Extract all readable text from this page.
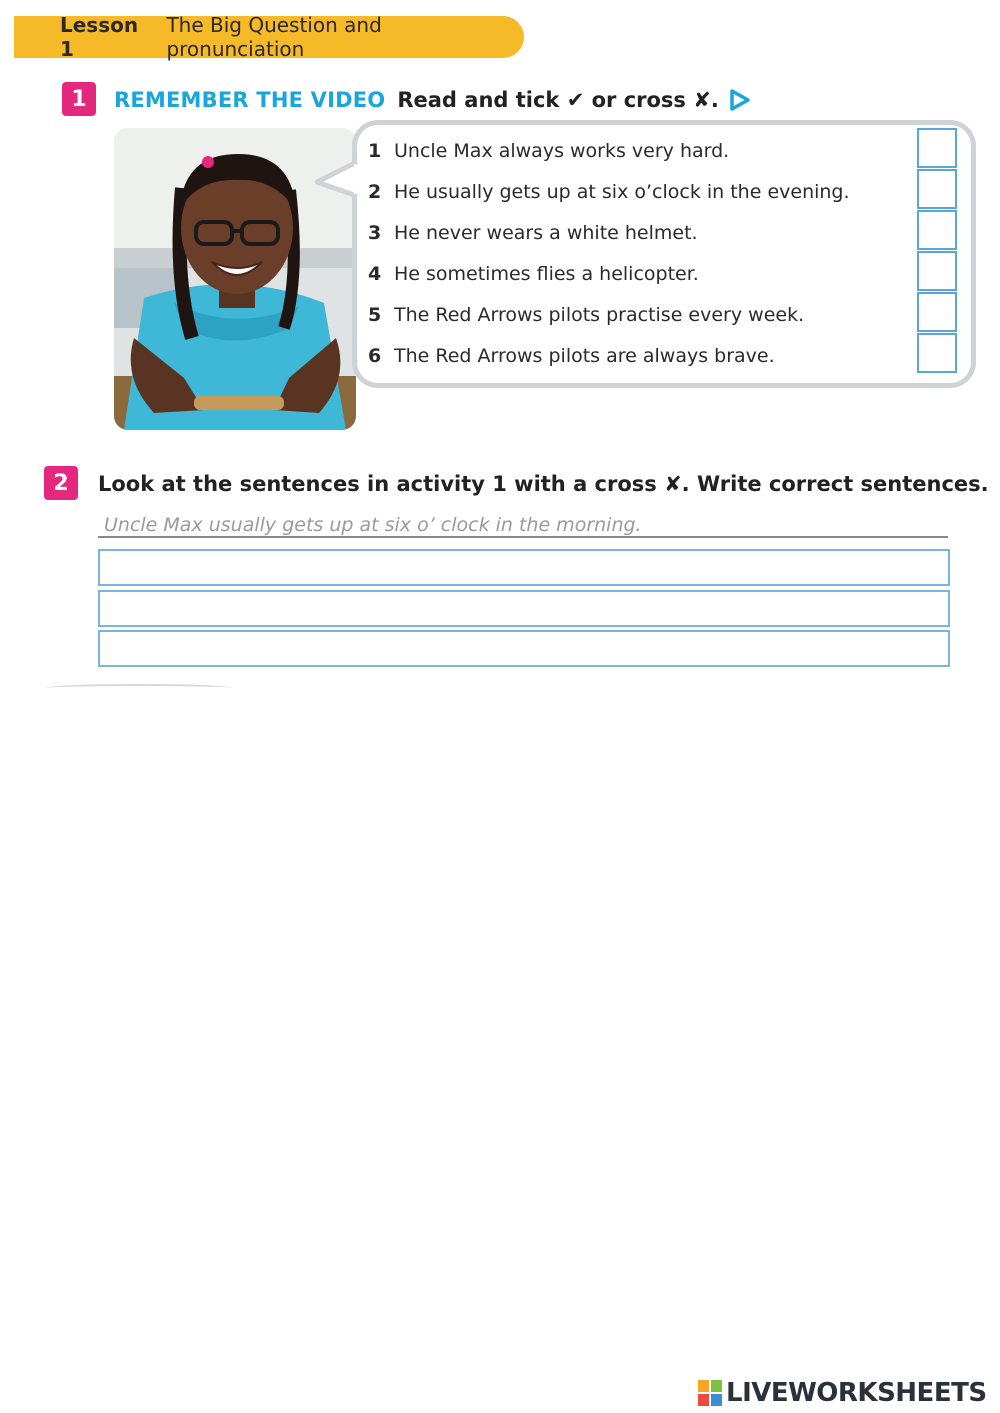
Lesson 1
The Big Question and pronunciation
1	REMEMBER THE VIDEO Read and tick ✔ or cross ✘.
1 Uncle Max always works very hard.
2 He usually gets up at six o’clock in the evening.
3 He never wears a white helmet.
4 He sometimes flies a helicopter.
5 The Red Arrows pilots practise every week.
6 The Red Arrows pilots are always brave.
2	Look at the sentences in activity 1 with a cross ✘. Write correct sentences.
Uncle Max usually gets up at six o’ clock in the morning.
LIVEWORKSHEETS
